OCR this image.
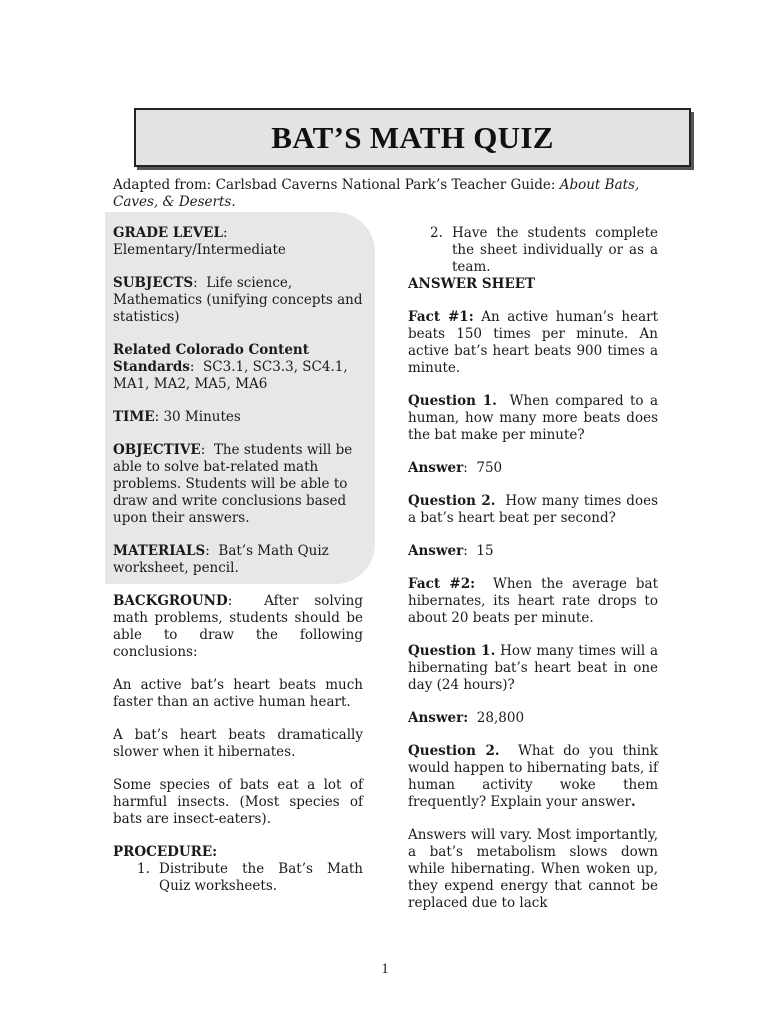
BAT’S MATH QUIZ
Adapted from: Carlsbad Caverns National Park’s Teacher Guide: About Bats, Caves, & Deserts.
GRADE LEVEL:
Elementary/Intermediate
SUBJECTS:  Life science, Mathematics (unifying concepts and statistics)
Related Colorado Content
Standards:  SC3.1, SC3.3, SC4.1, MA1, MA2, MA5, MA6
TIME: 30 Minutes
OBJECTIVE:  The students will be able to solve bat-related math problems. Students will be able to draw and write conclusions based upon their answers.
MATERIALS:  Bat’s Math Quiz worksheet, pencil.
BACKGROUND:  After solving math problems, students should be able to draw the following conclusions:
An active bat’s heart beats much faster than an active human heart.
A bat’s heart beats dramatically slower when it hibernates.
Some species of bats eat a lot of harmful insects. (Most species of bats are insect-eaters).
PROCEDURE:
1. Distribute the Bat’s Math Quiz worksheets.
2. Have the students complete the sheet individually or as a team.
ANSWER SHEET
Fact #1: An active human’s heart beats 150 times per minute. An active bat’s heart beats 900 times a minute.
Question 1. When compared to a human, how many more beats does the bat make per minute?
Answer:  750
Question 2. How many times does a bat’s heart beat per second?
Answer:  15
Fact #2: When the average bat hibernates, its heart rate drops to about 20 beats per minute.
Question 1. How many times will a hibernating bat’s heart beat in one day (24 hours)?
Answer: 28,800
Question 2. What do you think would happen to hibernating bats, if human activity woke them frequently? Explain your answer.
Answers will vary. Most importantly, a bat’s metabolism slows down while hibernating. When woken up, they expend energy that cannot be replaced due to lack
1
